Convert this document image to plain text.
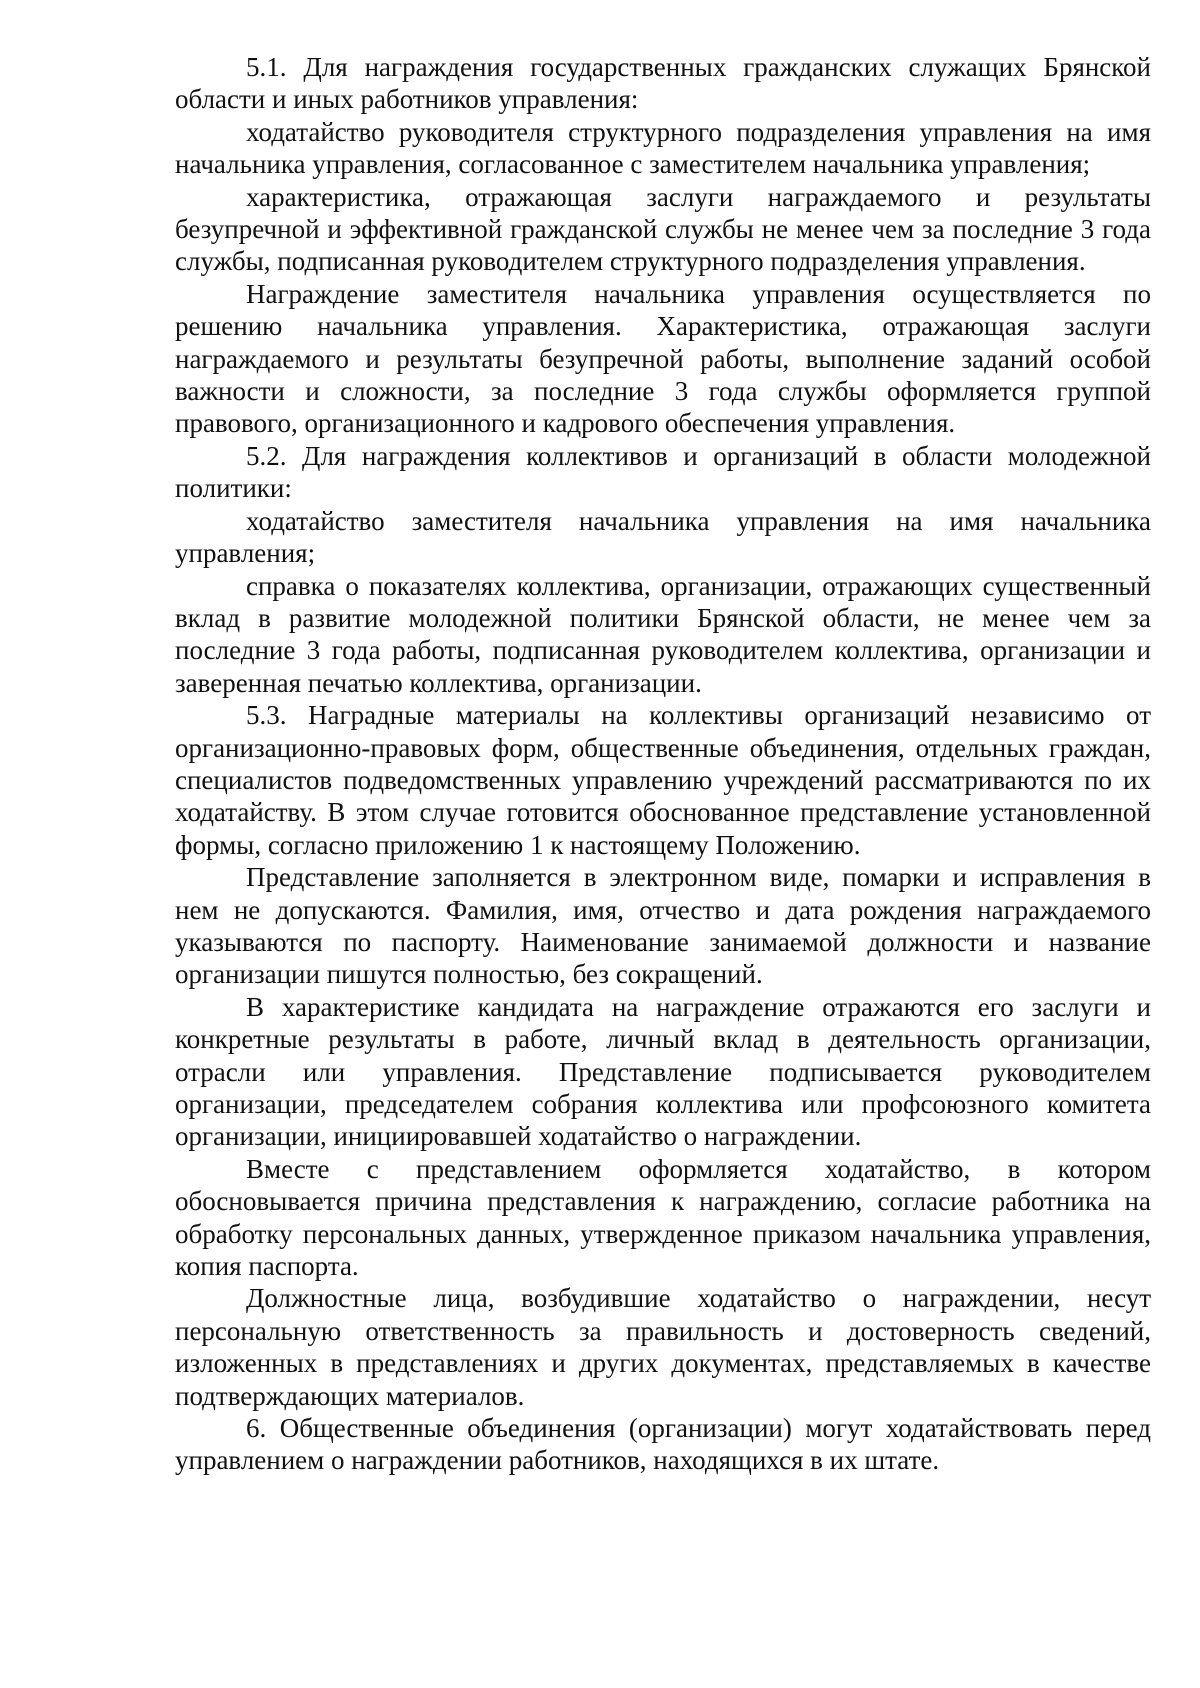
5.1. Для награждения государственных гражданских служащих Брянской области и иных работников управления:

ходатайство руководителя структурного подразделения управления на имя начальника управления, согласованное с заместителем начальника управления;

характеристика, отражающая заслуги награждаемого и результаты безупречной и эффективной гражданской службы не менее чем за последние 3 года службы, подписанная руководителем структурного подразделения управления.

Награждение заместителя начальника управления осуществляется по решению начальника управления. Характеристика, отражающая заслуги награждаемого и результаты безупречной работы, выполнение заданий особой важности и сложности, за последние 3 года службы оформляется группой правового, организационного и кадрового обеспечения управления.

5.2. Для награждения коллективов и организаций в области молодежной политики:

ходатайство заместителя начальника управления на имя начальника управления;

справка о показателях коллектива, организации, отражающих существенный вклад в развитие молодежной политики Брянской области, не менее чем за последние 3 года работы, подписанная руководителем коллектива, организации и заверенная печатью коллектива, организации.

5.3. Наградные материалы на коллективы организаций независимо от организационно-правовых форм, общественные объединения, отдельных граждан, специалистов подведомственных управлению учреждений рассматриваются по их ходатайству. В этом случае готовится обоснованное представление установленной формы, согласно приложению 1 к настоящему Положению.

Представление заполняется в электронном виде, помарки и исправления в нем не допускаются. Фамилия, имя, отчество и дата рождения награждаемого указываются по паспорту. Наименование занимаемой должности и название организации пишутся полностью, без сокращений.

В характеристике кандидата на награждение отражаются его заслуги и конкретные результаты в работе, личный вклад в деятельность организации, отрасли или управления. Представление подписывается руководителем организации, председателем собрания коллектива или профсоюзного комитета организации, инициировавшей ходатайство о награждении.

Вместе с представлением оформляется ходатайство, в котором обосновывается причина представления к награждению, согласие работника на обработку персональных данных, утвержденное приказом начальника управления, копия паспорта.

Должностные лица, возбудившие ходатайство о награждении, несут персональную ответственность за правильность и достоверность сведений, изложенных в представлениях и других документах, представляемых в качестве подтверждающих материалов.

6. Общественные объединения (организации) могут ходатайствовать перед управлением о награждении работников, находящихся в их штате.
